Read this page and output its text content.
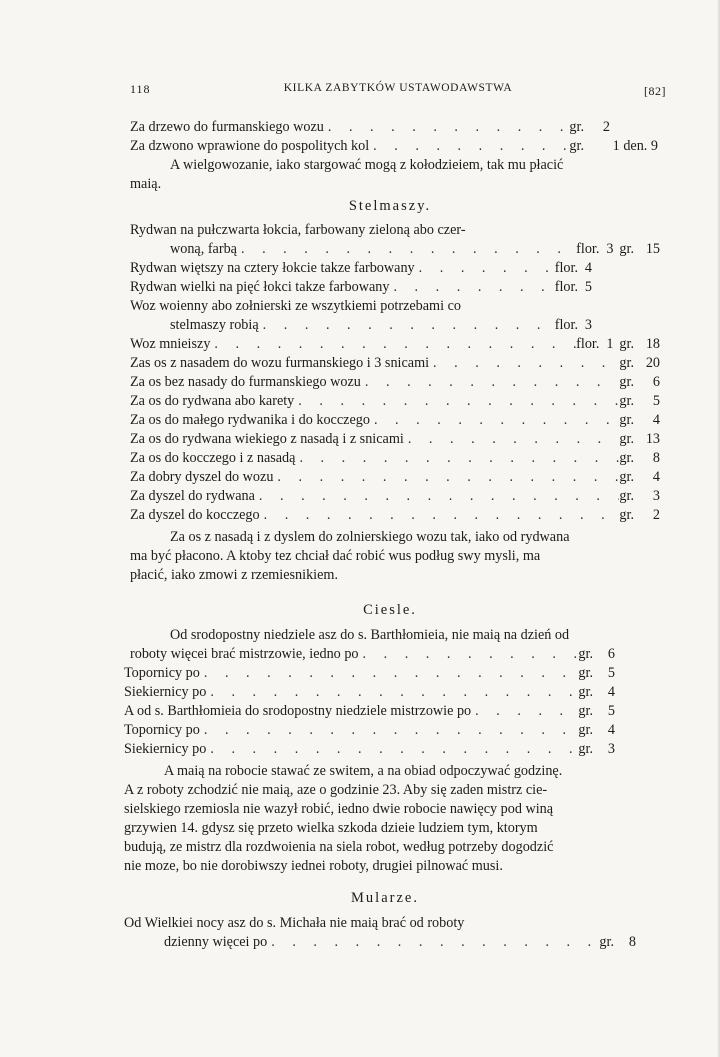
118	KILKA ZABYTKÓW USTAWODAWSTWA	[82]
Za drzewo do furmanskiego wozu . . .	gr.	2
Za dzwono wprawione do pospolitych kol . . .	gr.	1 den. 9
A wielgowozanie, iako stargować mogą z kołodzieiem, tak mu płacić
maią.
Stelmaszy.
Rydwan na pułczwarta łokcia, farbowany zieloną abo czer-
woną, farbą . . .	flor. 3 gr. 15
Rydwan więtszy na cztery łokcie takze farbowany . . .	flor. 4
Rydwan wielki na pięć łokci takze farbowany . . .	flor. 5
Woz woienny abo zołnierski ze wszytkiemi potrzebami co
stelmaszy robią . . .	flor. 3
Woz mnieiszy . . .	flor. 1 gr. 18
Zas os z nasadem do wozu furmanskiego i 3 snicami . . .	gr. 20
Za os bez nasady do furmanskiego wozu . . .	gr.	6
Za os do rydwana abo karety . . .	gr.	5
Za os do małego rydwanika i do kocczego . . .	gr.	4
Za os do rydwana wiekiego z nasadą i z snicami . . .	gr. 13
Za os do kocczego i z nasadą . . .	gr.	8
Za dobry dyszel do wozu . . .	gr.	4
Za dyszel do rydwana . . .	gr.	3
Za dyszel do kocczego . . .	gr.	2
Za os z nasadą i z dyslem do zolnierskiego wozu tak, iako od rydwana
ma być płacono. A ktoby tez chciał dać robić wus podług swy mysli, ma
płacić, iako zmowi z rzemiesnikiem.
Ciesle.
Od srodopostny niedziele asz do s. Barthłomieia, nie maią na dzień od
roboty więcei brać mistrzowie, iedno po . . .	gr.	6
Topornicy po . . .	gr.	5
Siekiernicy po . . .	gr.	4
A od s. Barthłomieia do srodopostny niedziele mistrzowie po . . .	gr.	5
Topornicy po . . .	gr.	4
Siekiernicy po . . .	gr.	3
A maią na robocie stawać ze switem, a na obiad odpoczywać godzinę.
A z roboty zchodzić nie maią, aze o godzinie 23. Aby się zaden mistrz cie-
sielskiego rzemiosla nie wazył robić, iedno dwie robocie nawięcy pod winą
grzywien 14. gdysz się przeto wielka szkoda dzieie ludziem tym, ktorym
budują, ze mistrz dla rozdwoienia na siela robot, według potrzeby dogodzić
nie moze, bo nie dorobiwszy iednei roboty, drugiei pilnować musi.
Mularze.
Od Wielkiei nocy asz do s. Michała nie maią brać od roboty
dzienny więcei po . . .	gr.	8
